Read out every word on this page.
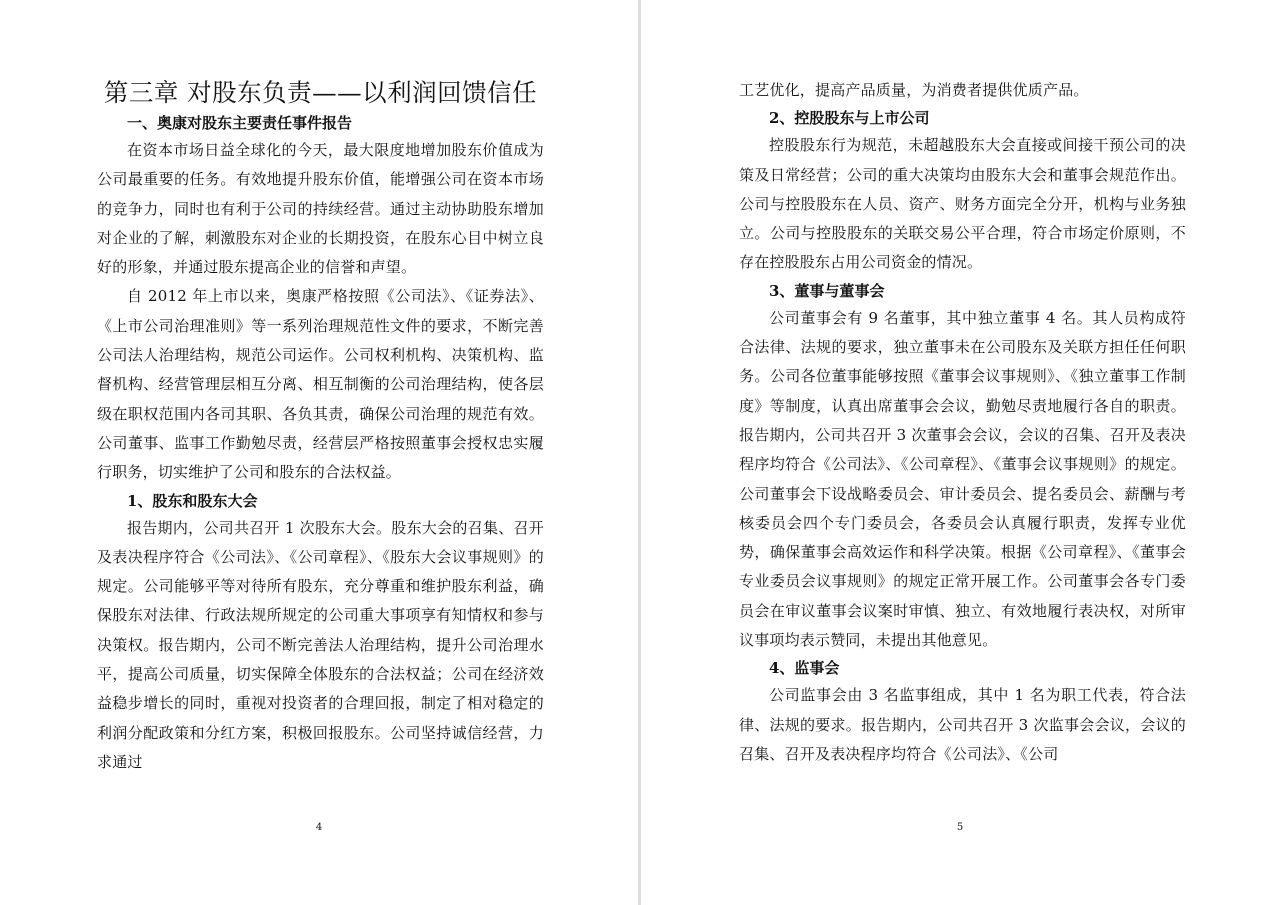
第三章 对股东负责——以利润回馈信任
一、奥康对股东主要责任事件报告

在资本市场日益全球化的今天，最大限度地增加股东价值成为公司最重要的任务。有效地提升股东价值，能增强公司在资本市场的竞争力，同时也有利于公司的持续经营。通过主动协助股东增加对企业的了解，刺激股东对企业的长期投资，在股东心目中树立良好的形象，并通过股东提高企业的信誉和声望。

自 2012 年上市以来，奥康严格按照《公司法》、《证券法》、《上市公司治理准则》等一系列治理规范性文件的要求，不断完善公司法人治理结构，规范公司运作。公司权利机构、决策机构、监督机构、经营管理层相互分离、相互制衡的公司治理结构，使各层级在职权范围内各司其职、各负其责，确保公司治理的规范有效。公司董事、监事工作勤勉尽责，经营层严格按照董事会授权忠实履行职务，切实维护了公司和股东的合法权益。

1、股东和股东大会

报告期内，公司共召开 1 次股东大会。股东大会的召集、召开及表决程序符合《公司法》、《公司章程》、《股东大会议事规则》的规定。公司能够平等对待所有股东，充分尊重和维护股东利益，确保股东对法律、行政法规所规定的公司重大事项享有知情权和参与决策权。报告期内，公司不断完善法人治理结构，提升公司治理水平，提高公司质量，切实保障全体股东的合法权益；公司在经济效益稳步增长的同时，重视对投资者的合理回报，制定了相对稳定的利润分配政策和分红方案，积极回报股东。公司坚持诚信经营，力求通过

4

工艺优化，提高产品质量，为消费者提供优质产品。

2、控股股东与上市公司

控股股东行为规范，未超越股东大会直接或间接干预公司的决策及日常经营；公司的重大决策均由股东大会和董事会规范作出。公司与控股股东在人员、资产、财务方面完全分开，机构与业务独立。公司与控股股东的关联交易公平合理，符合市场定价原则，不存在控股股东占用公司资金的情况。

3、董事与董事会

公司董事会有 9 名董事，其中独立董事 4 名。其人员构成符合法律、法规的要求，独立董事未在公司股东及关联方担任任何职务。公司各位董事能够按照《董事会议事规则》、《独立董事工作制度》等制度，认真出席董事会会议，勤勉尽责地履行各自的职责。报告期内，公司共召开 3 次董事会会议，会议的召集、召开及表决程序均符合《公司法》、《公司章程》、《董事会议事规则》的规定。公司董事会下设战略委员会、审计委员会、提名委员会、薪酬与考核委员会四个专门委员会，各委员会认真履行职责，发挥专业优势，确保董事会高效运作和科学决策。根据《公司章程》、《董事会专业委员会议事规则》的规定正常开展工作。公司董事会各专门委员会在审议董事会议案时审慎、独立、有效地履行表决权，对所审议事项均表示赞同，未提出其他意见。

4、监事会

公司监事会由 3 名监事组成，其中 1 名为职工代表，符合法律、法规的要求。报告期内，公司共召开 3 次监事会会议，会议的召集、召开及表决程序均符合《公司法》、《公司

5
